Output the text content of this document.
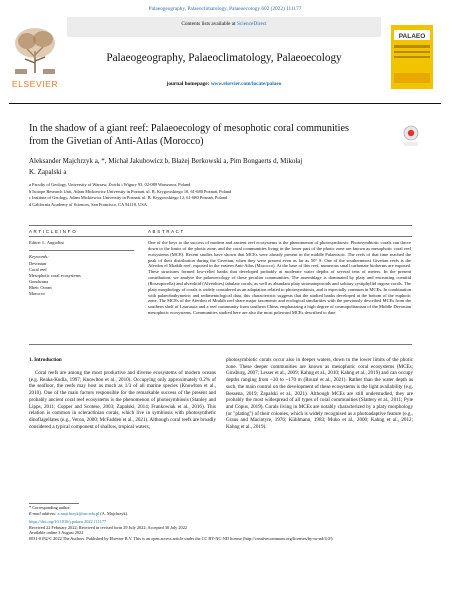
Palaeogeography, Palaeoclimatology, Palaeoecology 602 (2022) 111177
ELSEVIER
Contents lists available at ScienceDirect
Palaeogeography, Palaeoclimatology, Palaeoecology
journal homepage: www.elsevier.com/locate/palaeo
PALAEO
In the shadow of a giant reef: Palaeoecology of mesophotic coral communities from the Givetian of Anti-Atlas (Morocco)
Aleksander Majchrzyk a, *, Michał Jakubowicz b, Błażej Berkowski a, Pim Bongaerts d, Mikołaj
K. Zapalski a
a Faculty of Geology, University of Warsaw, Żwirki i Wigury 93, 02-089 Warszawa, Poland
b Isotope Research Unit, Adam Mickiewicz University in Poznań, ul. B. Krygowskiego 10, 61-680 Poznań, Poland
c Institute of Geology, Adam Mickiewicz University in Poznań, ul. B. Krygowskiego 12, 61-680 Poznań, Poland
d California Academy of Sciences, San Francisco, CA 94118, USA
A R T I C L E I N F O	A B S T R A C T
Editor: L. Angiolini
Keywords:
Devonian
Coral reef
Mesophotic coral ecosystems
Gondwana
Rheic Ocean
Morocco
One of the keys to the success of modern and ancient reef ecosystems is the phenomenon of photosymbiosis. Photosymbiotic corals can thrive down to the limits of the photic zone, and the coral communities living in the lower part of the photic zone are known as mesophotic coral reef ecosystems (MCE). Recent studies have shown that MCEs were already present in the middle Palaeozoic. The reefs of that time reached the peak of their distribution during the Givetian, when they were present even as far as 50° S. One of the southernmost Givetian reefs is the Aferdou el Mrakib reef, exposed in the eastern Anti-Atlas (Morocco). At the base of this reef, numerous small carbonate bioherms are exposed. These structures formed low-relief banks that developed probably at moderate water depths of several tens of meters. In the present contribution, we analyse the palaeoecology of these peculiar communities. The assemblage is dominated by platy and encrusting coenitid (Roseoporella) and alveolitid (Alveolites) tabulate corals, as well as abundant platy stromatoporoids and solitary cystiphyllid rugose corals. The platy morphology of corals is widely considered as an adaptation related to photosymbiosis, and is especially common in MCEs. In combination with palaeobathymetric and sedimentological data, this characteristic suggests that the studied banks developed at the bottom of the euphotic zone. The MCEs of the Aferdou el Mrakib reef share major taxonomic and ecological similarities with the previously described MCEs from the southern shelf of Laurussia and a reef community from southern China, emphasizing a high degree of cosmopolitanism of the Middle Devonian mesophotic ecosystems. Communities studied here are also the most poleward MCEs described to date.
1. Introduction

Coral reefs are among the most productive and diverse ecosystems of modern oceans (e.g. Reaka-Kudla, 1997; Knowlton et al., 2010). Occupying only approximately 0.2% of the seafloor, the reefs may host as much as 1/3 of all marine species (Knowlton et al., 2010). One of the main factors responsible for the remarkable success of the present and probably ancient coral reef ecosystems is the phenomenon of photosymbiosis (Stanley and Lipps, 2011; Copper and Scotese, 2003; Zapalski, 2014; Frankowiak et al., 2016). This relation is common in scleractinian corals, which live in symbiosis with photosynthetic dinoflagellates (e.g., Veron, 2000; McFadden et al., 2021). Although coral reefs are broadly considered a typical component of shallow, tropical waters,

photosymbiotic corals occur also in deeper waters, down to the lower limits of the photic zone. These deeper communities are known as mesophotic coral ecosystems (MCEs; Ginsburg, 2007; Lesser et al., 2009; Kahng et al., 2010; Kahng et al., 2019) and can occupy depths ranging from ~30 to ~170 m (Rouzé et al., 2021). Rather than the water depth as such, the main control on the development of these ecosystems is the light availability (e.g. Bessena, 2019; Zapalski et al., 2021). Although MCEs are still understudied, they are probably the most widespread of all types of coral communities (Slattery et al., 2011; Pyle and Copus, 2019). Corals living in MCEs are notably characterized by a platy morphology (or "plating") of their colonies, which is widely recognised as a photoadaptive feature (e.g., Graus and Macintyre, 1976; Kühlmann, 1983; Muko et al., 2000; Kahng et al., 2012; Kahng et al., 2019).

* Corresponding author.
E-mail address: a.majchrzyk@uw.edu.pl (A. Majchrzyk).
https://doi.org/10.1016/j.palaeo.2022.111177
Received 22 February 2022; Received in revised form 29 July 2022; Accepted 30 July 2022
Available online 3 August 2022
0031-0182/© 2022 The Authors. Published by Elsevier B.V. This is an open access article under the CC BY-NC-ND license (http://creativecommons.org/licenses/by-nc-nd/4.0/).
